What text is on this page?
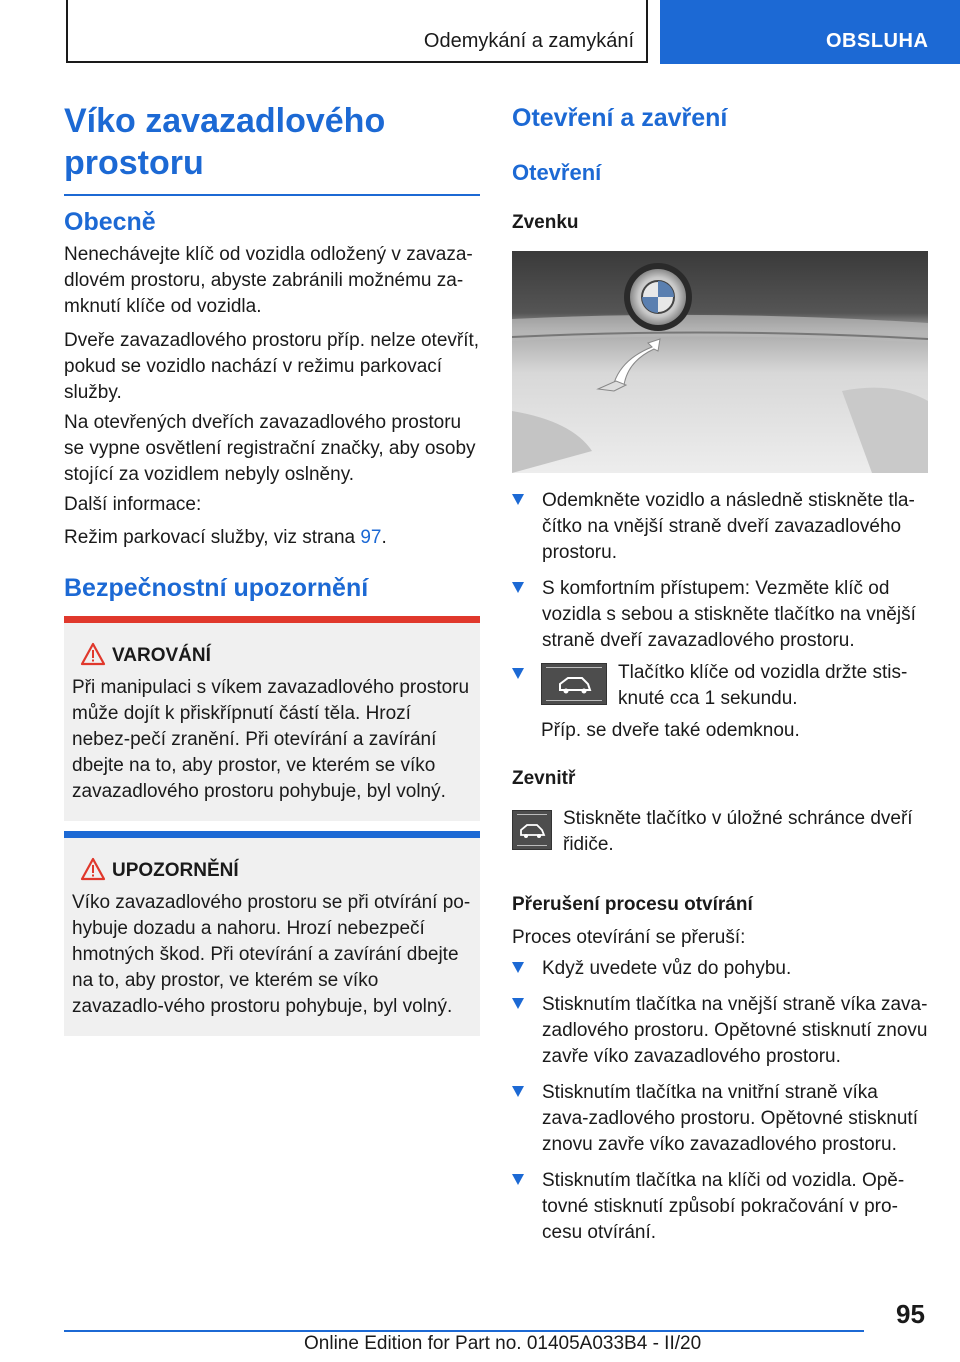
Odemykání a zamykání	OBSLUHA
Víko zavazadlového prostoru
Obecně

Nenechávejte klíč od vozidla odložený v zavaza-dlovém prostoru, abyste zabránili možnému za-mknutí klíče od vozidla.

Dveře zavazadlového prostoru příp. nelze otevřít, pokud se vozidlo nachází v režimu parkovací služby.

Na otevřených dveřích zavazadlového prostoru se vypne osvětlení registrační značky, aby osoby stojící za vozidlem nebyly oslněny.

Další informace:

Režim parkovací služby, viz strana 97.

Bezpečnostní upozornění
VAROVÁNÍ

Při manipulaci s víkem zavazadlového prostoru může dojít k přiskřípnutí částí těla. Hrozí nebez-pečí zranění. Při otevírání a zavírání dbejte na to, aby prostor, ve kterém se víko zavazadlového prostoru pohybuje, byl volný.

UPOZORNĚNÍ

Víko zavazadlového prostoru se při otvírání po-hybuje dozadu a nahoru. Hrozí nebezpečí hmotných škod. Při otevírání a zavírání dbejte na to, aby prostor, ve kterém se víko zavazadlo-vého prostoru pohybuje, byl volný.

Otevření a zavření
Otevření
Zvenku
Odemkněte vozidlo a následně stiskněte tla-čítko na vnější straně dveří zavazadlového prostoru.
S komfortním přístupem: Vezměte klíč od vozidla s sebou a stiskněte tlačítko na vnější straně dveří zavazadlového prostoru.

Tlačítko klíče od vozidla držte stis-knuté cca 1 sekundu.

Příp. se dveře také odemknou.

Zevnitř

Stiskněte tlačítko v úložné schránce dveří řidiče.

Přerušení procesu otvírání

Proces otevírání se přeruší:

Když uvedete vůz do pohybu.
Stisknutím tlačítka na vnější straně víka zava-zadlového prostoru. Opětovné stisknutí znovu zavře víko zavazadlového prostoru.
Stisknutím tlačítka na vnitřní straně víka zava-zadlového prostoru. Opětovné stisknutí znovu zavře víko zavazadlového prostoru.
Stisknutím tlačítka na klíči od vozidla. Opě-tovné stisknutí způsobí pokračování v pro-cesu otvírání.
95
Online Edition for Part no. 01405A033B4 - II/20
